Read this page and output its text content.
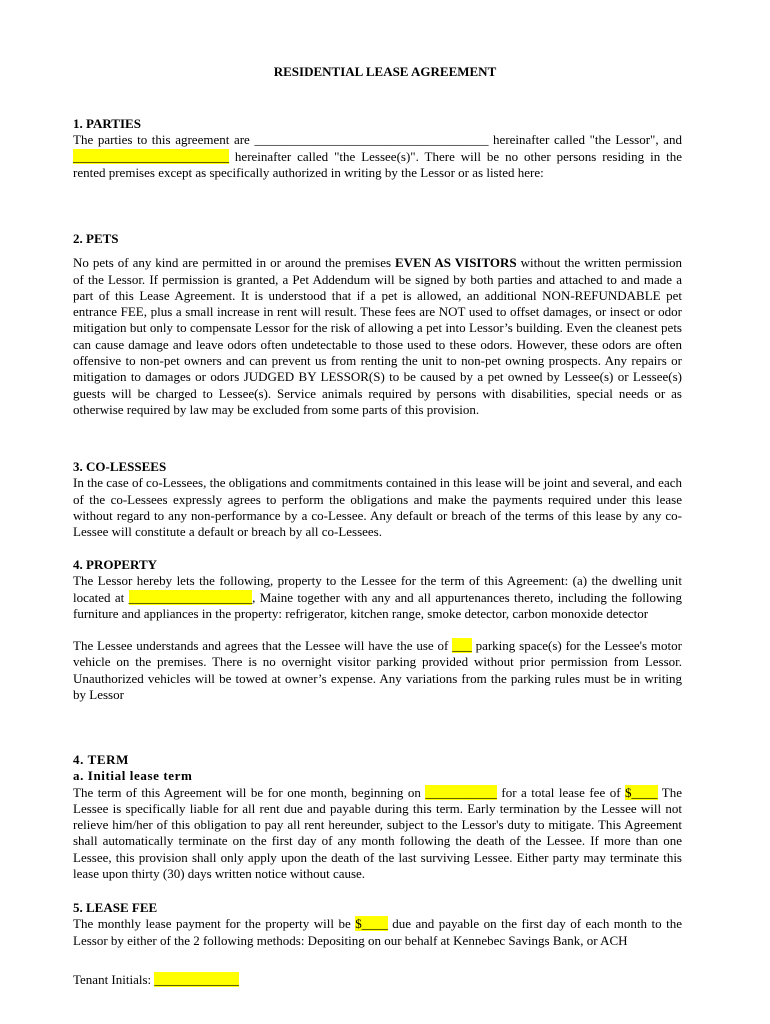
RESIDENTIAL LEASE AGREEMENT

1. PARTIES

The parties to this agreement are ____________________________________ hereinafter called "the Lessor", and ________________________ hereinafter called "the Lessee(s)". There will be no other persons residing in the rented premises except as specifically authorized in writing by the Lessor or as listed here:

2. PETS

No pets of any kind are permitted in or around the premises EVEN AS VISITORS without the written permission of the Lessor. If permission is granted, a Pet Addendum will be signed by both parties and attached to and made a part of this Lease Agreement. It is understood that if a pet is allowed, an additional NON-REFUNDABLE pet entrance FEE, plus a small increase in rent will result. These fees are NOT used to offset damages, or insect or odor mitigation but only to compensate Lessor for the risk of allowing a pet into Lessor’s building. Even the cleanest pets can cause damage and leave odors often undetectable to those used to these odors. However, these odors are often offensive to non-pet owners and can prevent us from renting the unit to non-pet owning prospects. Any repairs or mitigation to damages or odors JUDGED BY LESSOR(S) to be caused by a pet owned by Lessee(s) or Lessee(s) guests will be charged to Lessee(s). Service animals required by persons with disabilities, special needs or as otherwise required by law may be excluded from some parts of this provision.

3. CO-LESSEES

In the case of co-Lessees, the obligations and commitments contained in this lease will be joint and several, and each of the co-Lessees expressly agrees to perform the obligations and make the payments required under this lease without regard to any non-performance by a co-Lessee. Any default or breach of the terms of this lease by any co-Lessee will constitute a default or breach by all co-Lessees.

4. PROPERTY

The Lessor hereby lets the following, property to the Lessee for the term of this Agreement: (a) the dwelling unit located at ___________________, Maine together with any and all appurtenances thereto, including the following furniture and appliances in the property: refrigerator, kitchen range, smoke detector, carbon monoxide detector

The Lessee understands and agrees that the Lessee will have the use of ___ parking space(s) for the Lessee's motor vehicle on the premises. There is no overnight visitor parking provided without prior permission from Lessor. Unauthorized vehicles will be towed at owner’s expense. Any variations from the parking rules must be in writing by Lessor

4. TERM

a. Initial lease term

The term of this Agreement will be for one month, beginning on ___________ for a total lease fee of $____ The Lessee is specifically liable for all rent due and payable during this term. Early termination by the Lessee will not relieve him/her of this obligation to pay all rent hereunder, subject to the Lessor's duty to mitigate. This Agreement shall automatically terminate on the first day of any month following the death of the Lessee. If more than one Lessee, this provision shall only apply upon the death of the last surviving Lessee. Either party may terminate this lease upon thirty (30) days written notice without cause.

5. LEASE FEE

The monthly lease payment for the property will be $____ due and payable on the first day of each month to the Lessor by either of the 2 following methods: Depositing on our behalf at Kennebec Savings Bank, or ACH

Tenant Initials: _____________
